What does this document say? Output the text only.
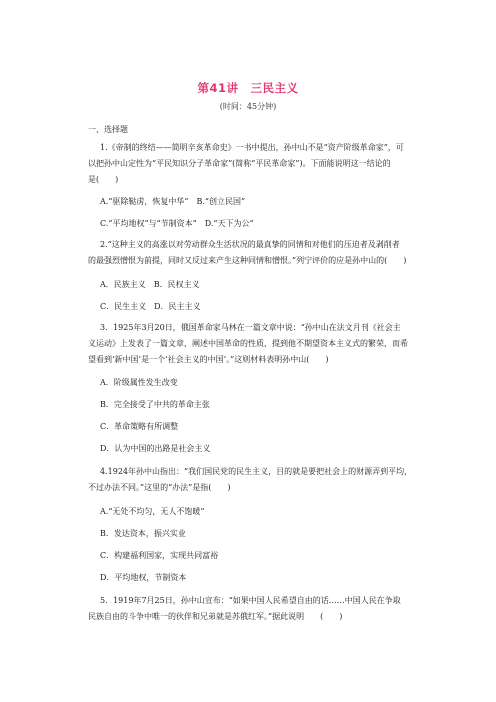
第41讲　三民主义
(时间：45分钟)
一、选择题
1.《帝制的终结——简明辛亥革命史》一书中提出，孙中山不是“资产阶级革命家”，可
以把孙中山定性为“平民知识分子革命家”(简称“平民革命家”)。下面能说明这一结论的
是(　　)
A.“驱除鞑虏，恢复中华”　B.“创立民国”
C.“平均地权”与“节制资本”　D.“天下为公”
2.“这种主义的高涨以对劳动群众生活状况的最真挚的同情和对他们的压迫者及剥削者
的最强烈憎恨为前提，同时又反过来产生这种同情和憎恨。”列宁评价的应是孙中山的(　　)
A．民族主义　B．民权主义
C．民生主义　D．民主主义
3．1925年3月20日，俄国革命家马林在一篇文章中说：“孙中山在法文月刊《社会主
义运动》上发表了一篇文章，阐述中国革命的性质，提到他不期望资本主义式的繁荣，而希
望看到‘新中国’是一个‘社会主义的中国’。”这则材料表明孙中山(　　)
A．阶级属性发生改变
B．完全接受了中共的革命主张
C．革命策略有所调整
D．认为中国的出路是社会主义
4.1924年孙中山指出：“我们国民党的民生主义，目的就是要把社会上的财源弄到平均，
不过办法不同。”这里的“办法”是指(　　)
A.“无处不均匀，无人不饱暖”
B．发达资本，振兴实业
C．构建福利国家，实现共同富裕
D．平均地权，节制资本
5．1919年7月25日，孙中山宣布：“如果中国人民希望自由的话……中国人民在争取
民族自由的斗争中唯一的伙伴和兄弟就是苏俄红军。”据此说明　　(　　)
